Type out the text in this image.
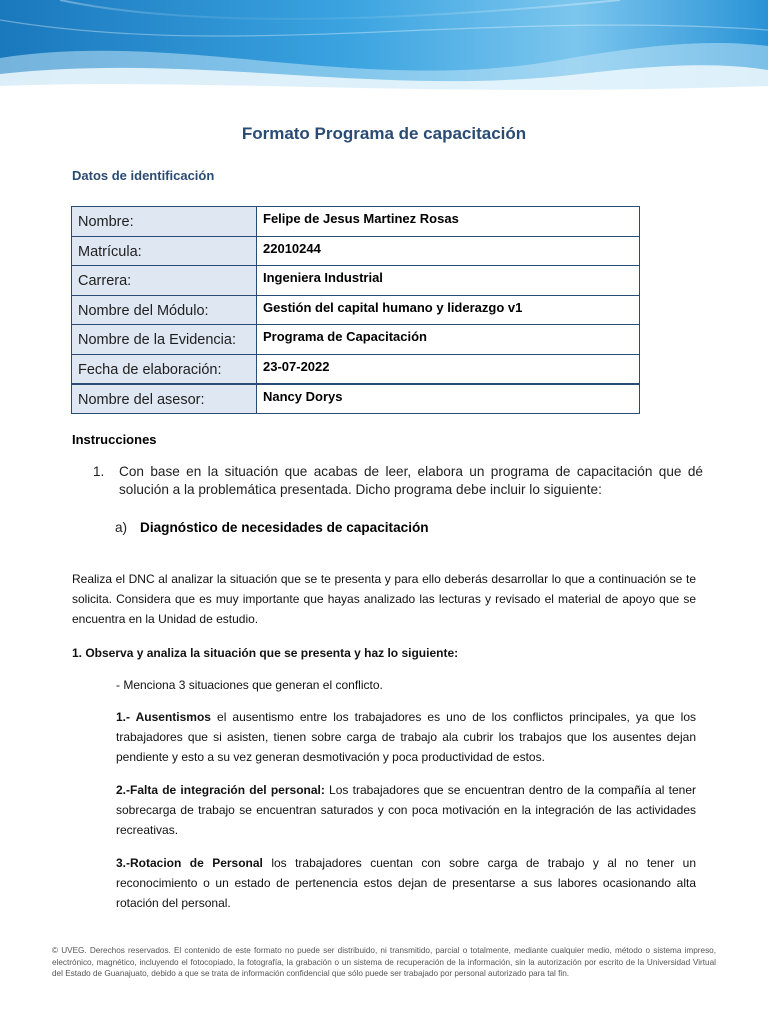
Formato Programa de capacitación
Datos de identificación
Nombre:	Felipe de Jesus Martinez Rosas
Matrícula:	22010244
Carrera:	Ingeniera Industrial
Nombre del Módulo:	Gestión del capital humano y liderazgo v1
Nombre de la Evidencia:	Programa de Capacitación
Fecha de elaboración:	23-07-2022
Nombre del asesor:	Nancy Dorys
Instrucciones
1.	Con base en la situación que acabas de leer, elabora un programa de capacitación que dé solución a la problemática presentada. Dicho programa debe incluir lo siguiente:
a) Diagnóstico de necesidades de capacitación
Realiza el DNC al analizar la situación que se te presenta y para ello deberás desarrollar lo que a continuación se te solicita. Considera que es muy importante que hayas analizado las lecturas y revisado el material de apoyo que se encuentra en la Unidad de estudio.
1. Observa y analiza la situación que se presenta y haz lo siguiente:
- Menciona 3 situaciones que generan el conflicto.
1.- Ausentismos el ausentismo entre los trabajadores es uno de los conflictos principales, ya que los trabajadores que si asisten, tienen sobre carga de trabajo ala cubrir los trabajos que los ausentes dejan pendiente y esto a su vez generan desmotivación y poca productividad de estos.
2.-Falta de integración del personal: Los trabajadores que se encuentran dentro de la compañía al tener sobrecarga de trabajo se encuentran saturados y con poca motivación en la integración de las actividades recreativas.
3.-Rotacion de Personal los trabajadores cuentan con sobre carga de trabajo y al no tener un reconocimiento o un estado de pertenencia estos dejan de presentarse a sus labores ocasionando alta rotación del personal.
© UVEG. Derechos reservados. El contenido de este formato no puede ser distribuido, ni transmitido, parcial o totalmente, mediante cualquier medio, método o sistema impreso, electrónico, magnético, incluyendo el fotocopiado, la fotografía, la grabación o un sistema de recuperación de la información, sin la autorización por escrito de la Universidad Virtual del Estado de Guanajuato, debido a que se trata de información confidencial que sólo puede ser trabajado por personal autorizado para tal fin.
